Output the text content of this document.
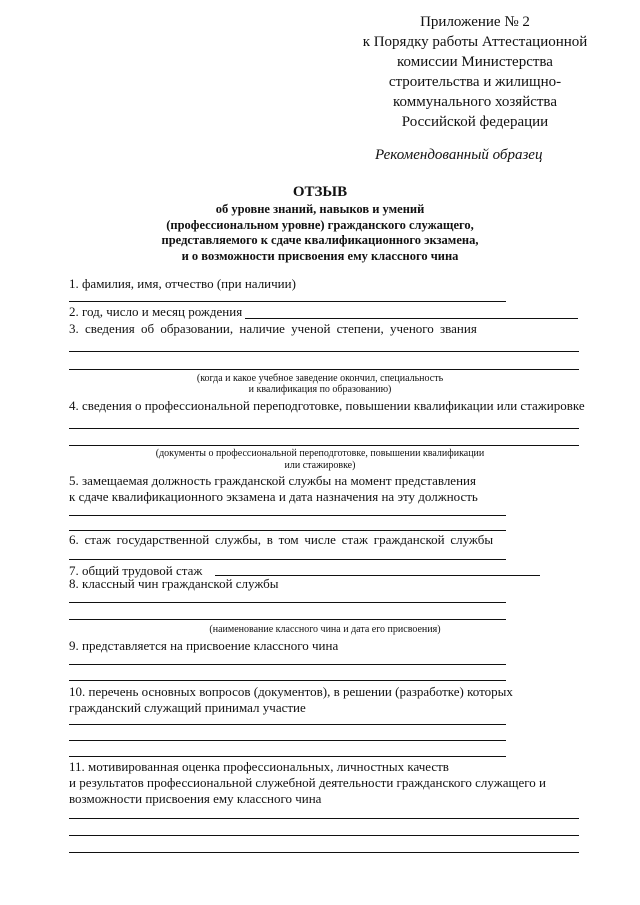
Приложение № 2
к Порядку работы Аттестационной
комиссии Министерства
строительства и жилищно-
коммунального хозяйства
Российской федерации
Рекомендованный образец
ОТЗЫВ
об уровне знаний, навыков и умений
(профессиональном уровне) гражданского служащего,
представляемого к сдаче квалификационного экзамена,
и о возможности присвоения ему классного чина
1. фамилия, имя, отчество (при наличии)
2. год, число и месяц рождения
3. сведения об образовании, наличие ученой степени, ученого звания
(когда и какое учебное заведение окончил, специальность
и квалификация по образованию)
4. сведения о профессиональной переподготовке, повышении квалификации или стажировке
(документы о профессиональной переподготовке, повышении квалификации
или стажировке)
5. замещаемая должность гражданской службы на момент представления
к сдаче квалификационного экзамена и дата назначения на эту должность
6. стаж государственной службы, в том числе стаж гражданской службы
7. общий трудовой стаж
8. классный чин гражданской службы
(наименование классного чина и дата его присвоения)
9. представляется на присвоение классного чина
10. перечень основных вопросов (документов), в решении (разработке) которых
гражданский служащий принимал участие
11. мотивированная оценка профессиональных, личностных качеств
и результатов профессиональной служебной деятельности гражданского служащего и
возможности присвоения ему классного чина
